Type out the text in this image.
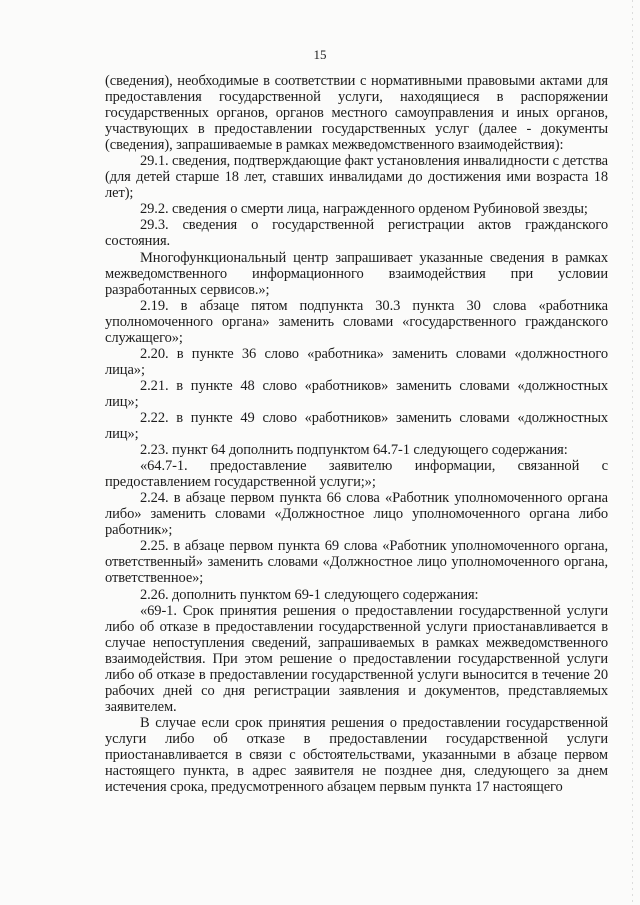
15

(сведения), необходимые в соответствии с нормативными правовыми актами для предоставления государственной услуги, находящиеся в распоряжении государственных органов, органов местного самоуправления и иных органов, участвующих в предоставлении государственных услуг (далее - документы (сведения), запрашиваемые в рамках межведомственного взаимодействия):

29.1. сведения, подтверждающие факт установления инвалидности с детства (для детей старше 18 лет, ставших инвалидами до достижения ими возраста 18 лет);

29.2. сведения о смерти лица, награжденного орденом Рубиновой звезды;

29.3. сведения о государственной регистрации актов гражданского состояния.

Многофункциональный центр запрашивает указанные сведения в рамках межведомственного информационного взаимодействия при условии разработанных сервисов.»;

2.19. в абзаце пятом подпункта 30.3 пункта 30 слова «работника уполномоченного органа» заменить словами «государственного гражданского служащего»;

2.20. в пункте 36 слово «работника» заменить словами «должностного лица»;

2.21. в пункте 48 слово «работников» заменить словами «должностных лиц»;

2.22. в пункте 49 слово «работников» заменить словами «должностных лиц»;

2.23. пункт 64 дополнить подпунктом 64.7-1 следующего содержания:

«64.7-1. предоставление заявителю информации, связанной с предоставлением государственной услуги;»;

2.24. в абзаце первом пункта 66 слова «Работник уполномоченного органа либо» заменить словами «Должностное лицо уполномоченного органа либо работник»;

2.25. в абзаце первом пункта 69 слова «Работник уполномоченного органа, ответственный» заменить словами «Должностное лицо уполномоченного органа, ответственное»;

2.26. дополнить пунктом 69-1 следующего содержания:

«69-1. Срок принятия решения о предоставлении государственной услуги либо об отказе в предоставлении государственной услуги приостанавливается в случае непоступления сведений, запрашиваемых в рамках межведомственного взаимодействия. При этом решение о предоставлении государственной услуги либо об отказе в предоставлении государственной услуги выносится в течение 20 рабочих дней со дня регистрации заявления и документов, представляемых заявителем.

В случае если срок принятия решения о предоставлении государственной услуги либо об отказе в предоставлении государственной услуги приостанавливается в связи с обстоятельствами, указанными в абзаце первом настоящего пункта, в адрес заявителя не позднее дня, следующего за днем истечения срока, предусмотренного абзацем первым пункта 17 настоящего
